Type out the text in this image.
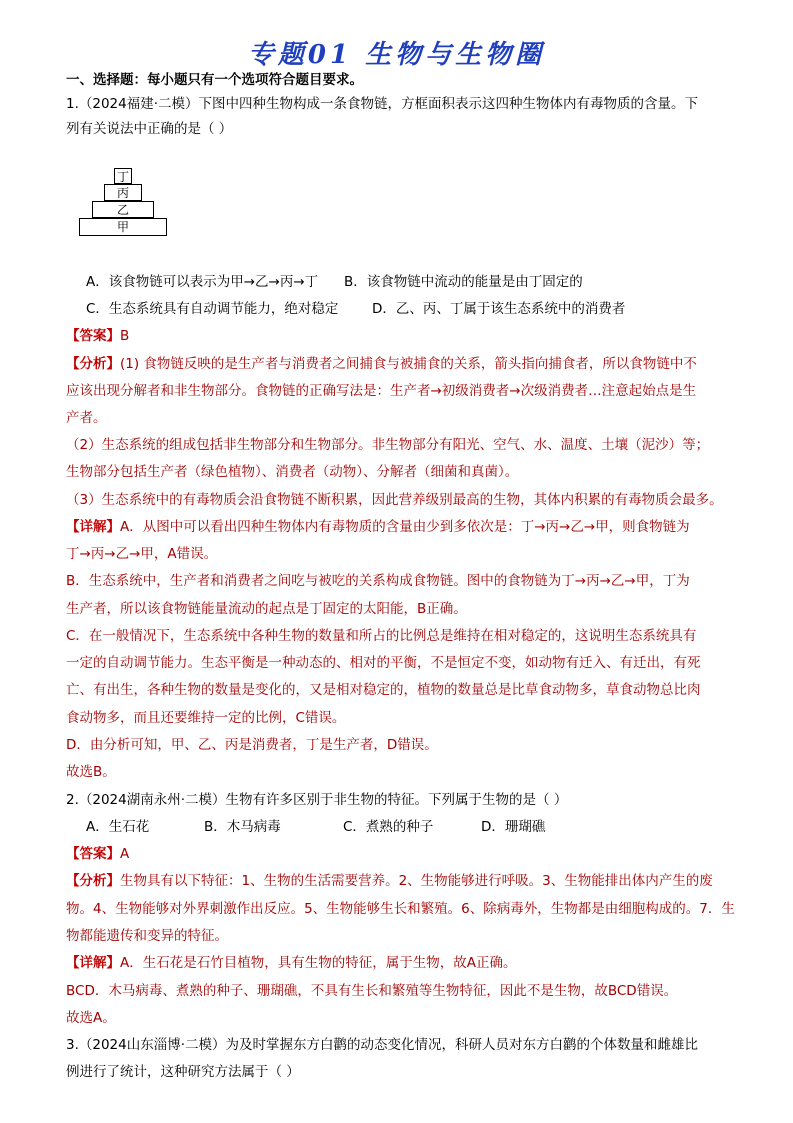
专题01 生物与生物圈
一、选择题：每小题只有一个选项符合题目要求。
1.（2024福建·二模）下图中四种生物构成一条食物链，方框面积表示这四种生物体内有毒物质的含量。下
列有关说法中正确的是（ ）
丁
丙
乙
甲
A．该食物链可以表示为甲→乙→丙→丁 B．该食物链中流动的能量是由丁固定的
C．生态系统具有自动调节能力，绝对稳定 D．乙、丙、丁属于该生态系统中的消费者
【答案】B
【分析】(1) 食物链反映的是生产者与消费者之间捕食与被捕食的关系，箭头指向捕食者，所以食物链中不
应该出现分解者和非生物部分。食物链的正确写法是：生产者→初级消费者→次级消费者…注意起始点是生
产者。
（2）生态系统的组成包括非生物部分和生物部分。非生物部分有阳光、空气、水、温度、土壤（泥沙）等；
生物部分包括生产者（绿色植物）、消费者（动物）、分解者（细菌和真菌）。
（3）生态系统中的有毒物质会沿食物链不断积累，因此营养级别最高的生物，其体内积累的有毒物质会最多。
【详解】A．从图中可以看出四种生物体内有毒物质的含量由少到多依次是：丁→丙→乙→甲，则食物链为
丁→丙→乙→甲，A错误。
B．生态系统中，生产者和消费者之间吃与被吃的关系构成食物链。图中的食物链为丁→丙→乙→甲，丁为
生产者，所以该食物链能量流动的起点是丁固定的太阳能，B正确。
C．在一般情况下，生态系统中各种生物的数量和所占的比例总是维持在相对稳定的，这说明生态系统具有
一定的自动调节能力。生态平衡是一种动态的、相对的平衡，不是恒定不变，如动物有迁入、有迁出，有死
亡、有出生，各种生物的数量是变化的，又是相对稳定的，植物的数量总是比草食动物多，草食动物总比肉
食动物多，而且还要维持一定的比例，C错误。
D．由分析可知，甲、乙、丙是消费者，丁是生产者，D错误。
故选B。
2.（2024湖南永州·二模）生物有许多区别于非生物的特征。下列属于生物的是（ ）
A．生石花	B．木马病毒	C．煮熟的种子	D．珊瑚礁
【答案】A
【分析】生物具有以下特征：1、生物的生活需要营养。2、生物能够进行呼吸。3、生物能排出体内产生的废
物。4、生物能够对外界刺激作出反应。5、生物能够生长和繁殖。6、除病毒外，生物都是由细胞构成的。7．生
物都能遗传和变异的特征。
【详解】A．生石花是石竹目植物，具有生物的特征，属于生物，故A正确。
BCD．木马病毒、煮熟的种子、珊瑚礁，不具有生长和繁殖等生物特征，因此不是生物，故BCD错误。
故选A。
3.（2024山东淄博·二模）为及时掌握东方白鹳的动态变化情况，科研人员对东方白鹳的个体数量和雌雄比
例进行了统计，这种研究方法属于（ ）
